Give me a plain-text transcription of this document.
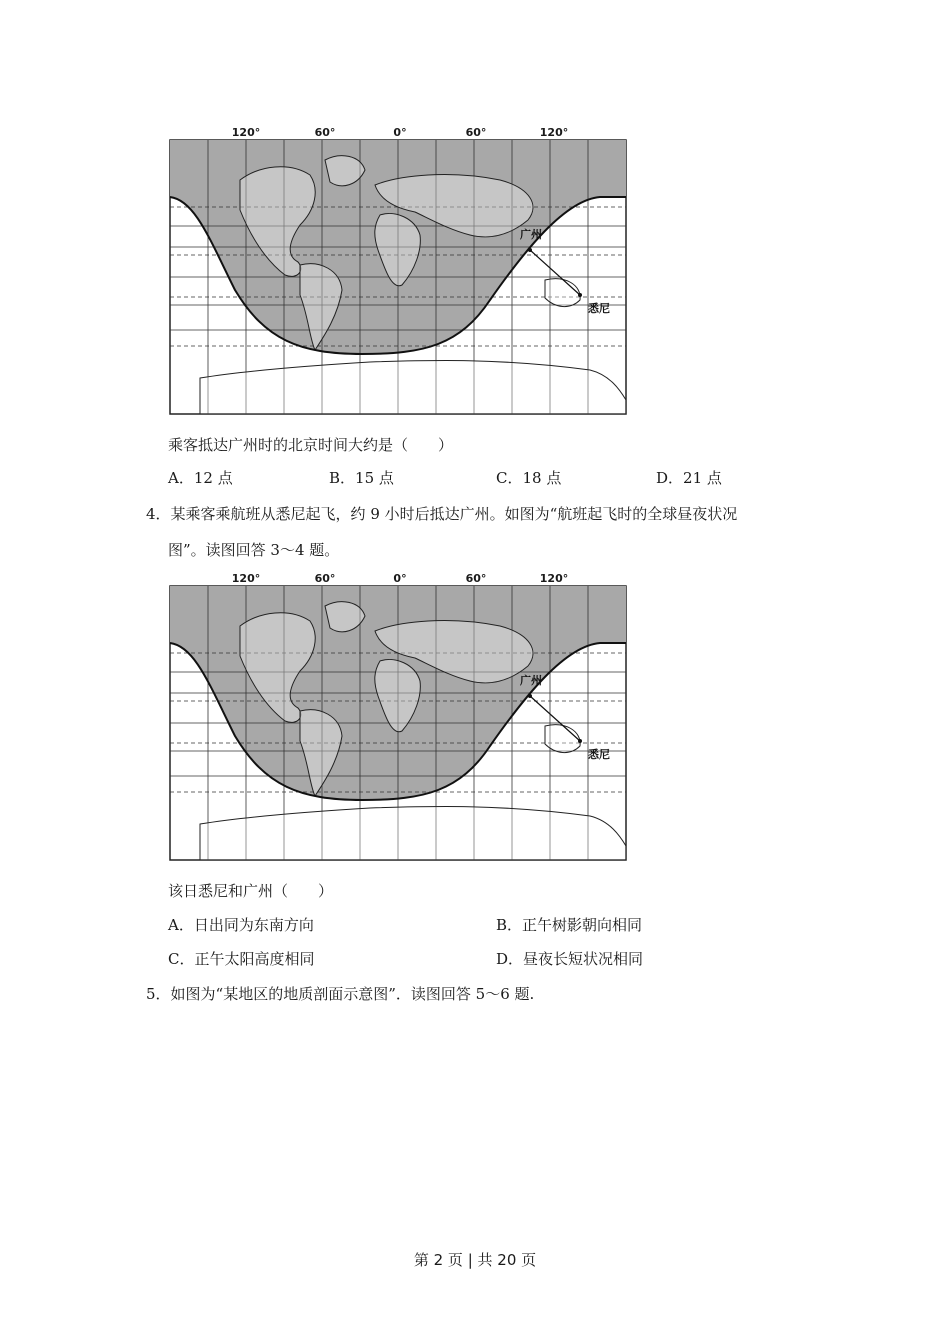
120°	60°	0°	60°	120°
广州
悉尼
乘客抵达广州时的北京时间大约是（　　）
A．12 点	B．15 点	C．18 点	D．21 点
4．某乘客乘航班从悉尼起飞，约 9 小时后抵达广州。如图为“航班起飞时的全球昼夜状况
图”。读图回答 3～4 题。
120°	60°	0°	60°	120°
广州
悉尼
该日悉尼和广州（　　）
A．日出同为东南方向	B．正午树影朝向相同
C．正午太阳高度相同	D．昼夜长短状况相同
5．如图为“某地区的地质剖面示意图”．读图回答 5～6 题.
第 2 页 | 共 20 页
